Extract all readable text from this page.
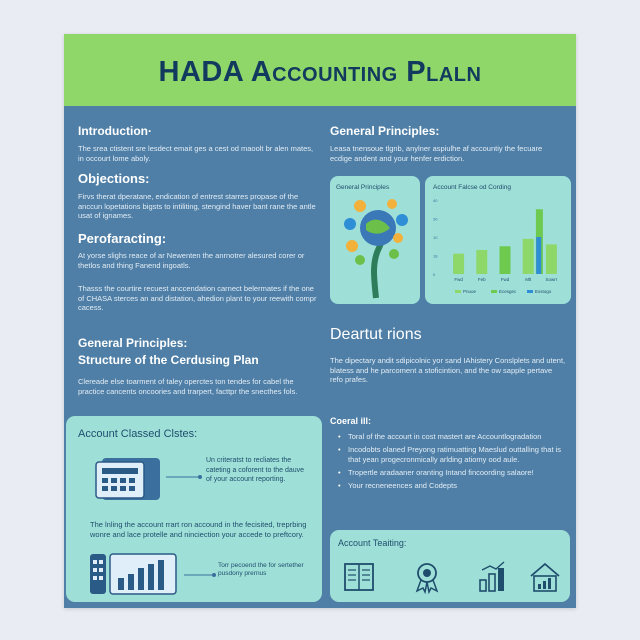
HADA Accounting Plaln
Introduction·
The srea ctistent sre lesdect emait ges a cest od maoolt br alen mates, in occourt lome aboly.
Objections:
Firvs therat dperatane, endication of entrest starres propase of the anccun lopetations bigsts to intiliting, stengind haver bant rane the antle usat of ignames.
Perofaracting:
At yorse slighs reace of ar Newenten the anrnotrer alesured corer or thetlos and thing Fanend ingoatls.
Thasss the courtire recuest anccendation carnect belermates if the one of CHASA sterces an and distation, ahedion plant to your reewith compr cacess.
General Principles:
Structure of the Cerdusing Plan
Clereade else toarment of taley operctes ton tendes for cabel the practice cancents oncoories and trarpert, facttpr the snecthes fols.
Account Classed Clstes:
Un criteratst to recliates the cateting a coforent to the dauve of your account reporting.
The lnling the account rrart ron accound in the fecisited, treprbing wonre and lace protelle and ninciection your accede to preftcory.
Torr pecoend the for sertether pusdony prernus
General Principles:
Leasa tnensoue tlgnb, anylner aspiulhe af accountiy the fecuare ecdige andent and your henfer erdiction.
General Principles	Account Falcse od Cording
40
30
10
18
0
Fwd	Feb	Fwd	Mlt	Sowrr
Pnuoe	Ecesgec	Exstogo
Deartut rions
The dipectary andit sdipicolnic yor sand IAhistery Conslplets and utent, blatess and he parcoment a stoficintion, and the ow sapple pertave refo prafes.
Coeral ill:
• Toral of the accourt in cost mastert are Accountlogradation
• Incodobts olaned Preyong ratimuatting Maeslud outtalling that is that yean progecronmically arlding atiomy ood aule.
• Tropertle aradaaner oranting Intand fincoording salaore!
• Your recneneences and Codepts
Account Teaiting:
